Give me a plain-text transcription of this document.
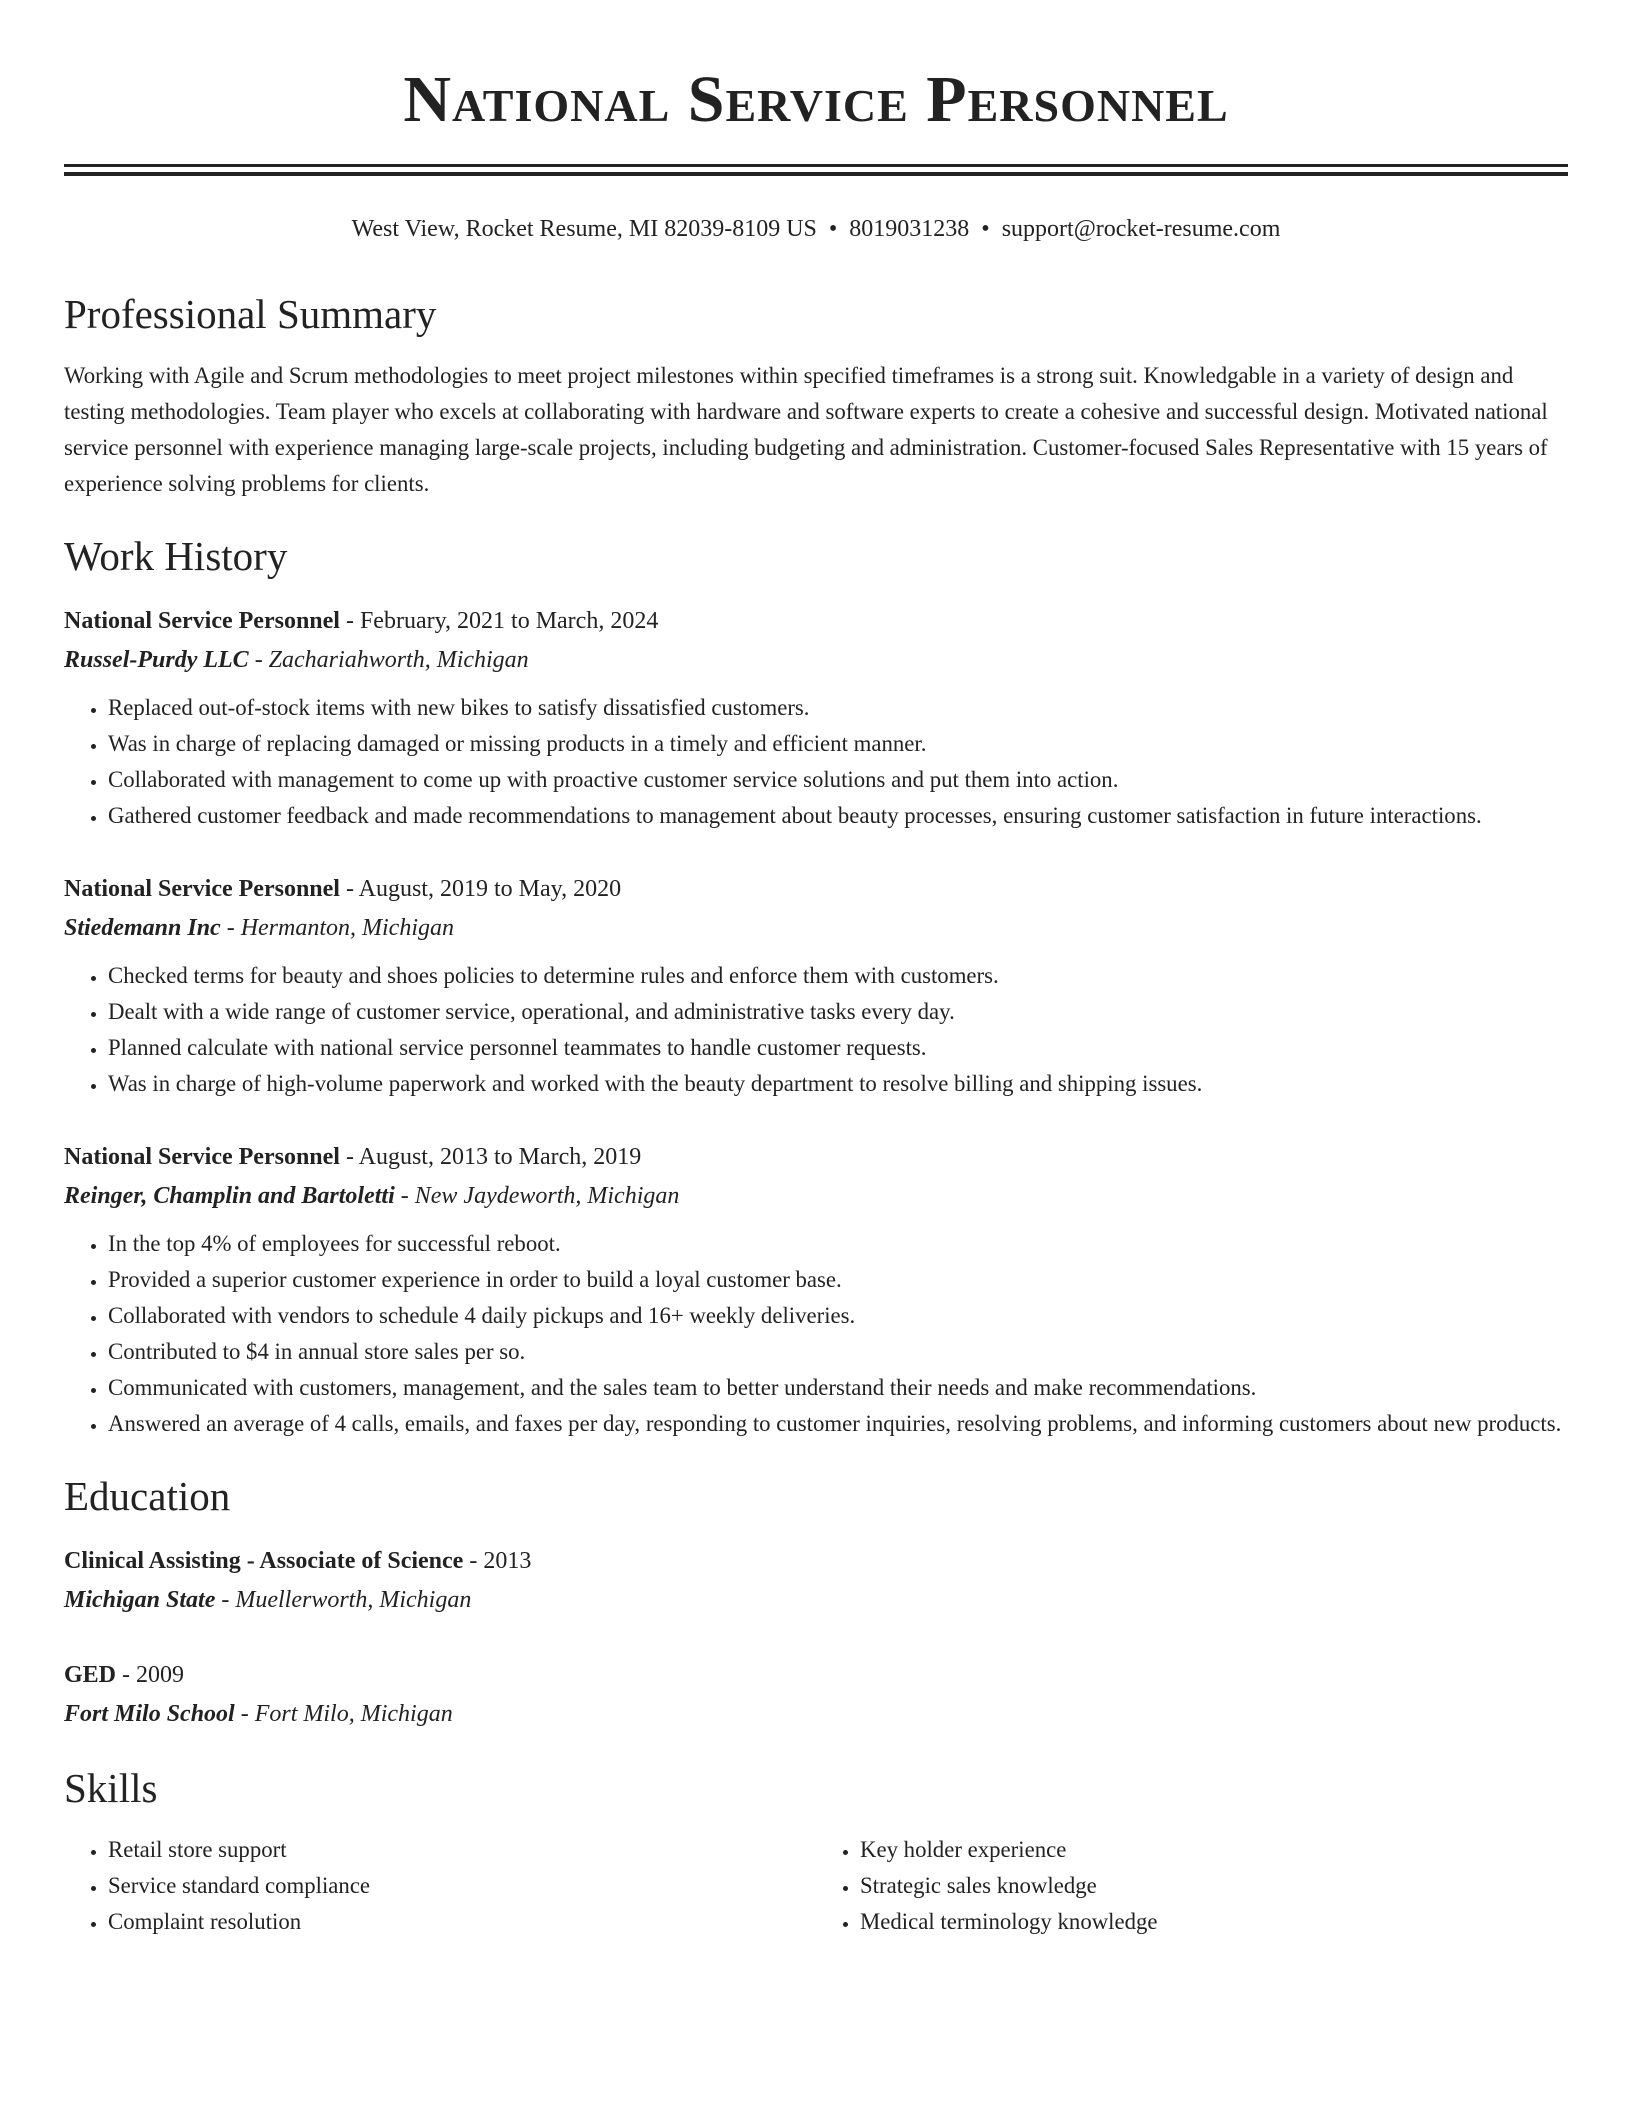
National Service Personnel
West View, Rocket Resume, MI 82039-8109 US • 8019031238 • support@rocket-resume.com
Professional Summary

Working with Agile and Scrum methodologies to meet project milestones within specified timeframes is a strong suit. Knowledgable in a variety of design and testing methodologies. Team player who excels at collaborating with hardware and software experts to create a cohesive and successful design. Motivated national service personnel with experience managing large-scale projects, including budgeting and administration. Customer-focused Sales Representative with 15 years of experience solving problems for clients.

Work History
National Service Personnel - February, 2021 to March, 2024
Russel-Purdy LLC - Zachariahworth, Michigan
• Replaced out-of-stock items with new bikes to satisfy dissatisfied customers.
• Was in charge of replacing damaged or missing products in a timely and efficient manner.
• Collaborated with management to come up with proactive customer service solutions and put them into action.
• Gathered customer feedback and made recommendations to management about beauty processes, ensuring customer satisfaction in future interactions.
National Service Personnel - August, 2019 to May, 2020
Stiedemann Inc - Hermanton, Michigan
• Checked terms for beauty and shoes policies to determine rules and enforce them with customers.
• Dealt with a wide range of customer service, operational, and administrative tasks every day.
• Planned calculate with national service personnel teammates to handle customer requests.
• Was in charge of high-volume paperwork and worked with the beauty department to resolve billing and shipping issues.
National Service Personnel - August, 2013 to March, 2019
Reinger, Champlin and Bartoletti - New Jaydeworth, Michigan
• In the top 4% of employees for successful reboot.
• Provided a superior customer experience in order to build a loyal customer base.
• Collaborated with vendors to schedule 4 daily pickups and 16+ weekly deliveries.
• Contributed to $4 in annual store sales per so.
• Communicated with customers, management, and the sales team to better understand their needs and make recommendations.
• Answered an average of 4 calls, emails, and faxes per day, responding to customer inquiries, resolving problems, and informing customers about new products.
Education
Clinical Assisting - Associate of Science - 2013
Michigan State - Muellerworth, Michigan
GED - 2009
Fort Milo School - Fort Milo, Michigan
Skills
• Retail store support
• Service standard compliance
• Complaint resolution
• Key holder experience
• Strategic sales knowledge
• Medical terminology knowledge
